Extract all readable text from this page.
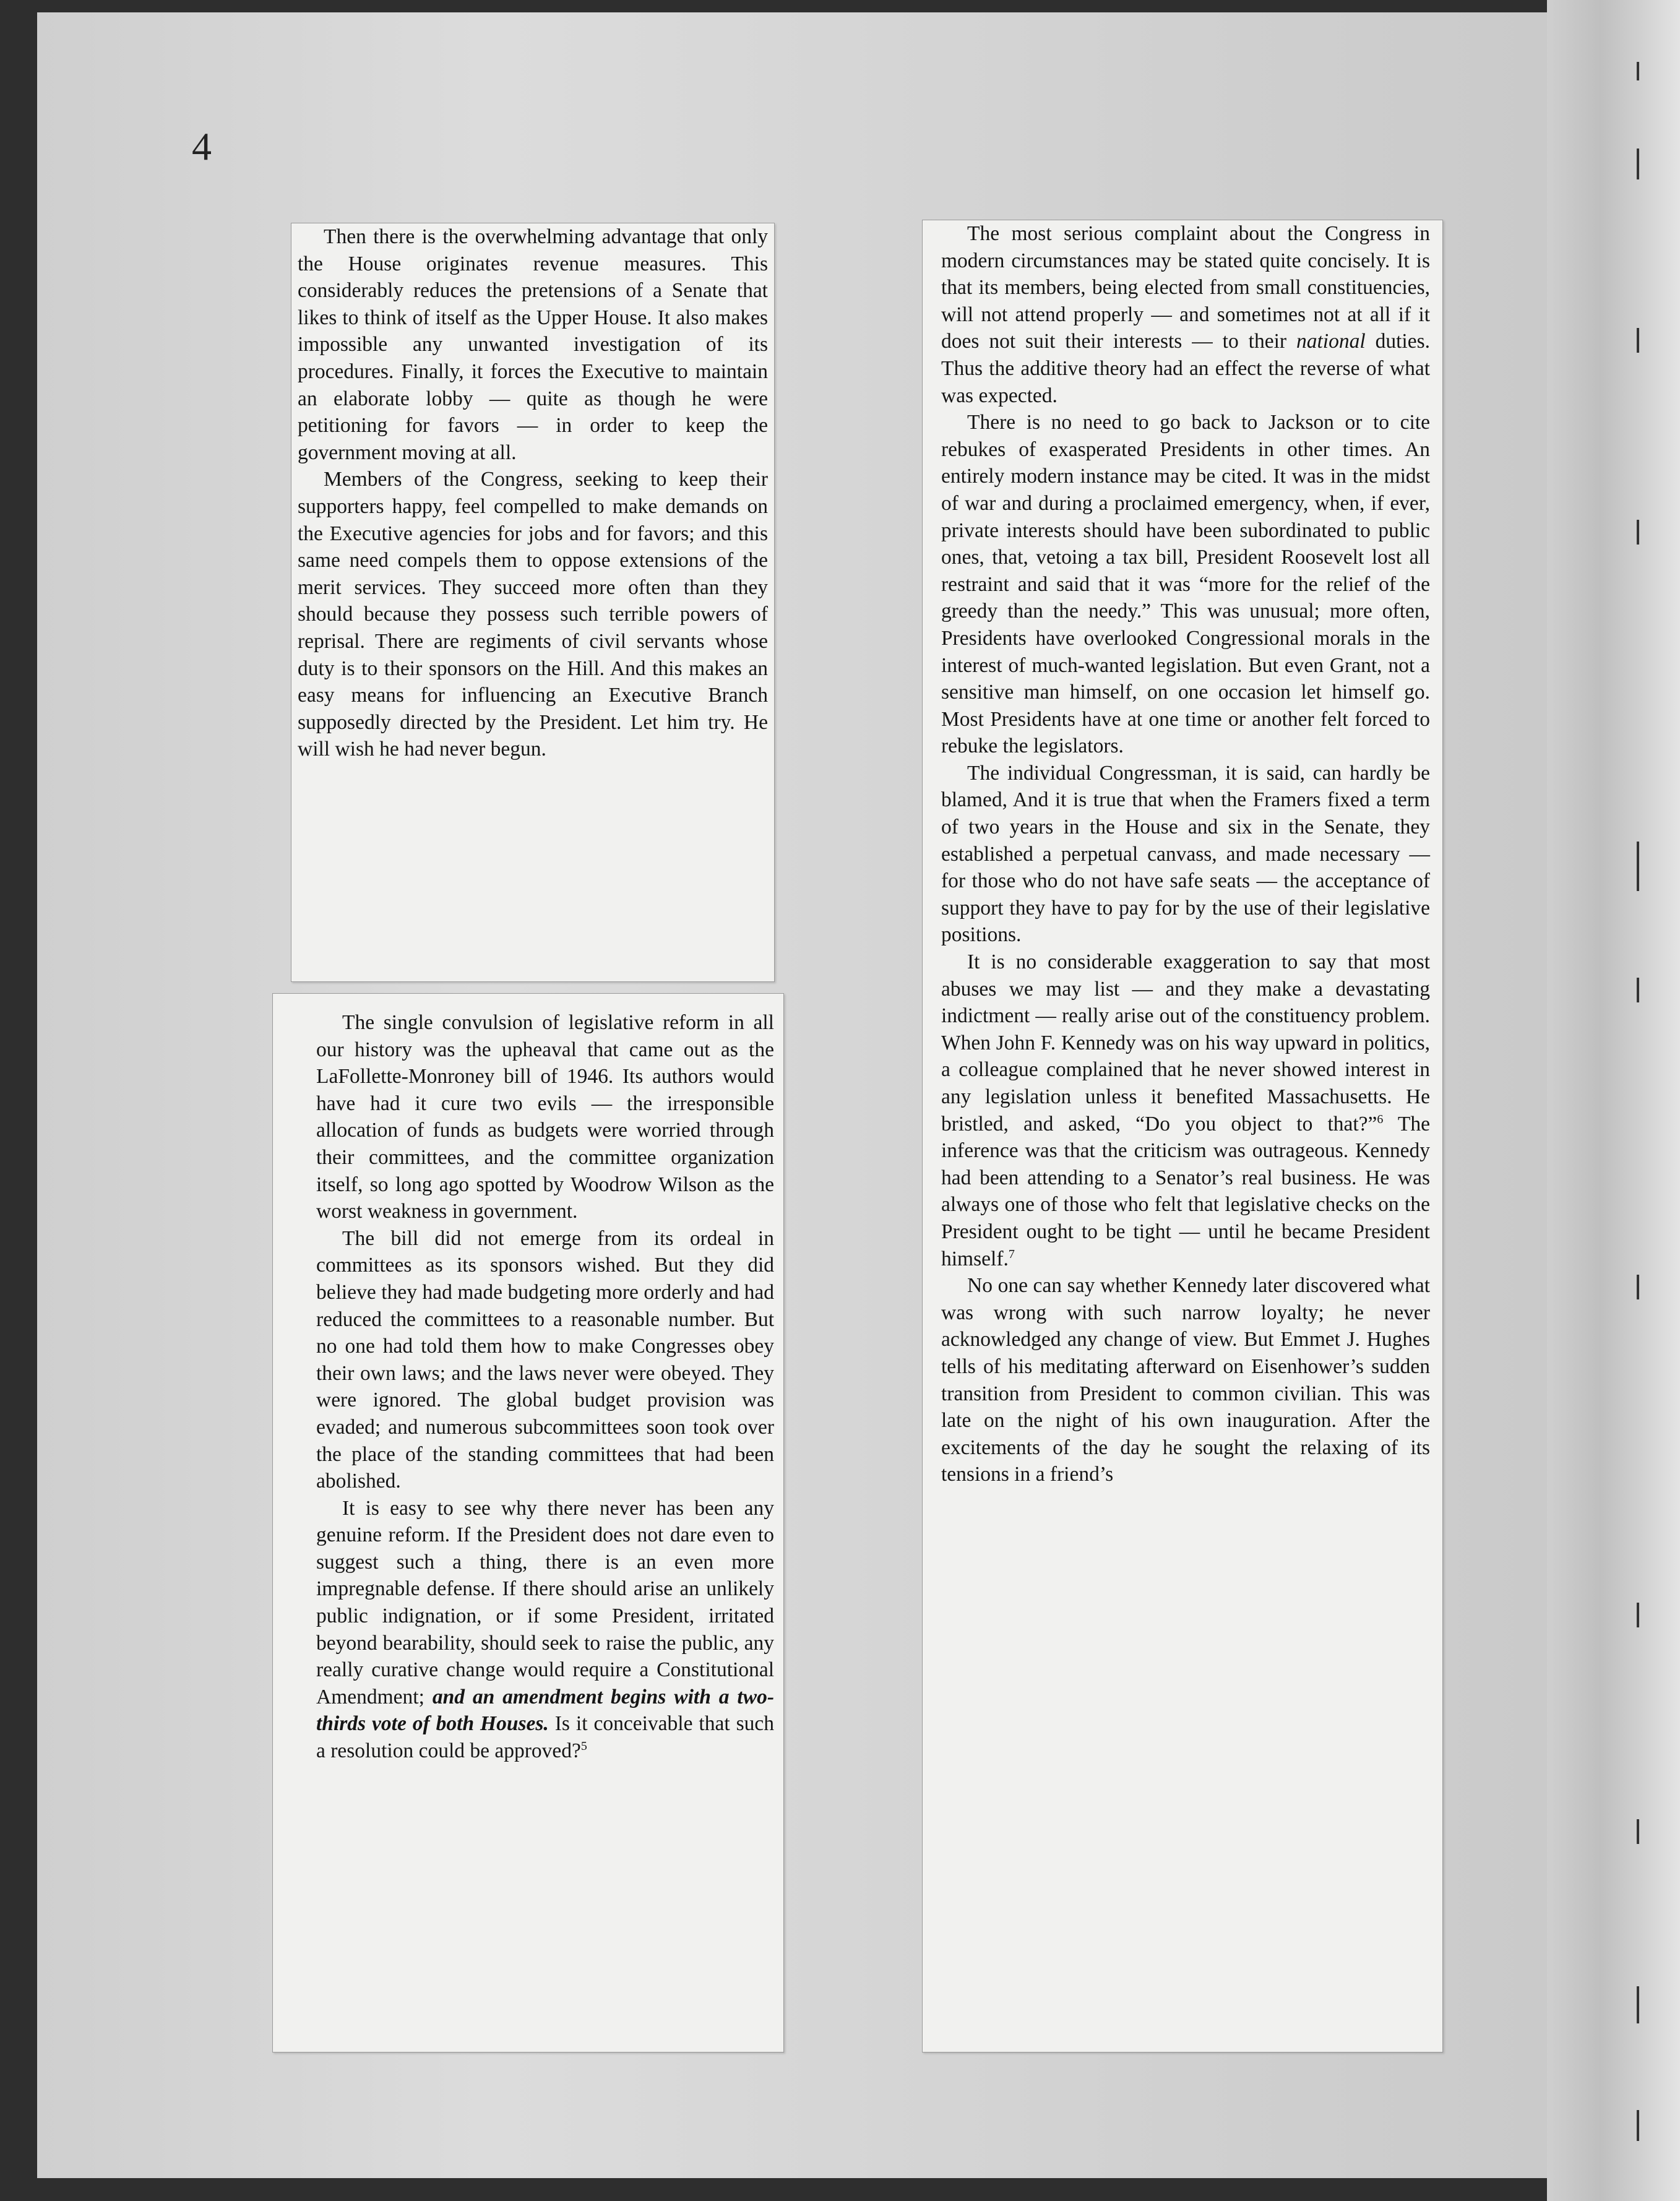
4

Then there is the overwhelming advantage that only the House originates revenue measures. This considerably reduces the pretensions of a Senate that likes to think of itself as the Upper House. It also makes impossible any unwanted investigation of its procedures. Finally, it forces the Executive to maintain an elaborate lobby — quite as though he were petitioning for favors — in order to keep the government moving at all.

Members of the Congress, seeking to keep their supporters happy, feel compelled to make demands on the Executive agencies for jobs and for favors; and this same need compels them to oppose extensions of the merit services. They succeed more often than they should because they possess such terrible powers of reprisal. There are regiments of civil servants whose duty is to their sponsors on the Hill. And this makes an easy means for influencing an Executive Branch supposedly directed by the President. Let him try. He will wish he had never begun.

The single convulsion of legislative reform in all our history was the upheaval that came out as the LaFollette-Monroney bill of 1946. Its authors would have had it cure two evils — the irresponsible allocation of funds as budgets were worried through their committees, and the committee organization itself, so long ago spotted by Woodrow Wilson as the worst weakness in government.

The bill did not emerge from its ordeal in committees as its sponsors wished. But they did believe they had made budgeting more orderly and had reduced the committees to a reasonable number. But no one had told them how to make Congresses obey their own laws; and the laws never were obeyed. They were ignored. The global budget provision was evaded; and numerous subcommittees soon took over the place of the standing committees that had been abolished.

It is easy to see why there never has been any genuine reform. If the President does not dare even to suggest such a thing, there is an even more impregnable defense. If there should arise an unlikely public indignation, or if some President, irritated beyond bearability, should seek to raise the public, any really curative change would require a Constitutional Amendment; and an amendment begins with a two-thirds vote of both Houses. Is it conceivable that such a resolution could be approved?$^5$

The most serious complaint about the Congress in modern circumstances may be stated quite concisely. It is that its members, being elected from small constituencies, will not attend properly — and sometimes not at all if it does not suit their interests — to their national duties. Thus the additive theory had an effect the reverse of what was expected.

There is no need to go back to Jackson or to cite rebukes of exasperated Presidents in other times. An entirely modern instance may be cited. It was in the midst of war and during a proclaimed emergency, when, if ever, private interests should have been subordinated to public ones, that, vetoing a tax bill, President Roosevelt lost all restraint and said that it was “more for the relief of the greedy than the needy.” This was unusual; more often, Presidents have overlooked Congressional morals in the interest of much-wanted legislation. But even Grant, not a sensitive man himself, on one occasion let himself go. Most Presidents have at one time or another felt forced to rebuke the legislators.

The individual Congressman, it is said, can hardly be blamed, And it is true that when the Framers fixed a term of two years in the House and six in the Senate, they established a perpetual canvass, and made necessary — for those who do not have safe seats — the acceptance of support they have to pay for by the use of their legislative positions.

It is no considerable exaggeration to say that most abuses we may list — and they make a devastating indictment — really arise out of the constituency problem. When John F. Kennedy was on his way upward in politics, a colleague complained that he never showed interest in any legislation unless it benefited Massachusetts. He bristled, and asked, “Do you object to that?”$^6$ The inference was that the criticism was outrageous. Kennedy had been attending to a Senator’s real business. He was always one of those who felt that legislative checks on the President ought to be tight — until he became President himself.$^7$

No one can say whether Kennedy later discovered what was wrong with such narrow loyalty; he never acknowledged any change of view. But Emmet J. Hughes tells of his meditating afterward on Eisenhower’s sudden transition from President to common civilian. This was late on the night of his own inauguration. After the excitements of the day he sought the relaxing of its tensions in a friend’s
